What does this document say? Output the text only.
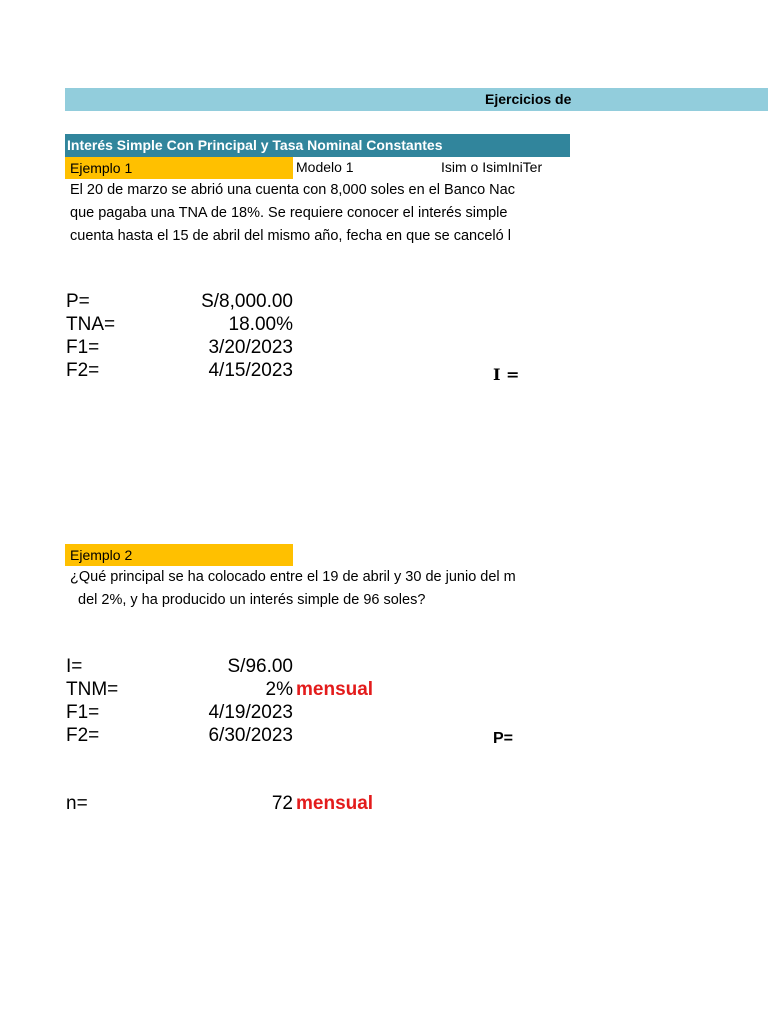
Ejercicios de
Interés Simple Con Principal y Tasa Nominal Constantes
Ejemplo 1	Modelo 1	Isim o IsimIniTer
El 20 de marzo se abrió una cuenta con 8,000 soles en el Banco Nac
que pagaba una TNA de 18%. Se requiere conocer el interés simple
cuenta hasta el 15 de abril del mismo año, fecha en que se canceló l
P=	S/8,000.00
TNA=	18.00%
F1=	3/20/2023
F2=	4/15/2023	I =
Ejemplo 2
¿Qué principal se ha colocado entre el 19 de abril y 30 de junio del m
del 2%, y ha producido un interés simple de 96 soles?
I=	S/96.00
TNM=	2% mensual
F1=	4/19/2023
F2=	6/30/2023	P=
n=	72 mensual
